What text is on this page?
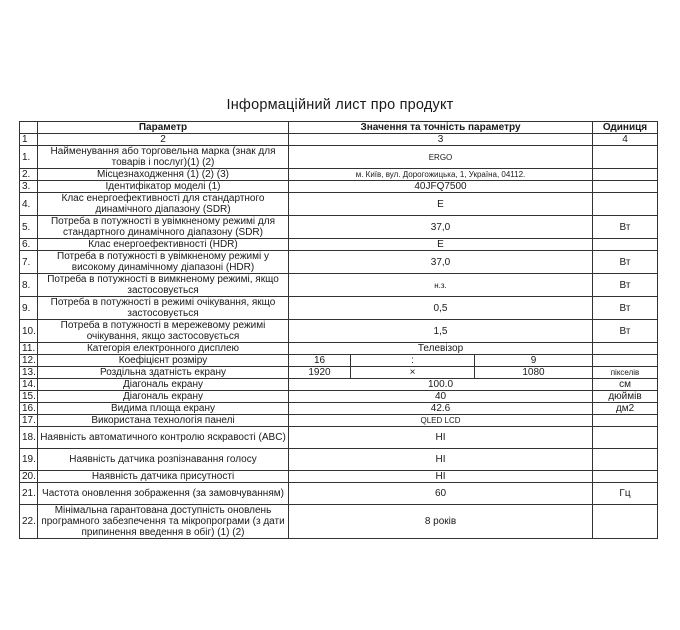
Інформаційний лист про продукт
	Параметр	Значення та точність параметру			Одиниця
1	2	3			4
1.	Найменування або торговельна марка (знак для товарів і послуг)(1) (2)	ERGO			
2.	Місцезнаходження (1) (2) (3)	м. Київ, вул. Дорогожицька, 1, Україна, 04112.			
3.	Ідентифікатор моделі (1)	40JFQ7500			
4.	Клас енергоефективності для стандартного динамічного діапазону (SDR)	E			
5.	Потреба в потужності в увімкненому режимі для стандартного динамічного діапазону (SDR)	37,0			Вт
6.	Клас енергоефективності (HDR)	E			
7.	Потреба в потужності в увімкненому режимі у високому динамічному діапазоні (HDR)	37,0			Вт
8.	Потреба в потужності в вимкненому режимі, якщо застосовується	н.з.			Вт
9.	Потреба в потужності в режимі очікування, якщо застосовується	0,5			Вт
10.	Потреба в потужності в мережевому режимі очікування, якщо застосовується	1,5			Вт
11.	Категорія електронного дисплею	Телевізор			
12.	Коефіцієнт розміру	16	:	9	
13.	Роздільна здатність екрану	1920	×	1080	пікселів
14.	Діагональ екрану	100.0			см
15.	Діагональ екрану	40			дюймів
16.	Видима площа екрану	42.6			дм2
17.	Використана технологія панелі	QLED LCD			
18.	Наявність автоматичного контролю яскравості (ABC)	НІ			
19.	Наявність датчика розпізнавання голосу	НІ			
20.	Наявність датчика присутності	НІ			
21.	Частота оновлення зображення (за замовчуванням)	60			Гц
22.	Мінімальна гарантована доступність оновлень програмного забезпечення та мікропрограми (з дати припинення введення в обіг) (1) (2)	8 років			
